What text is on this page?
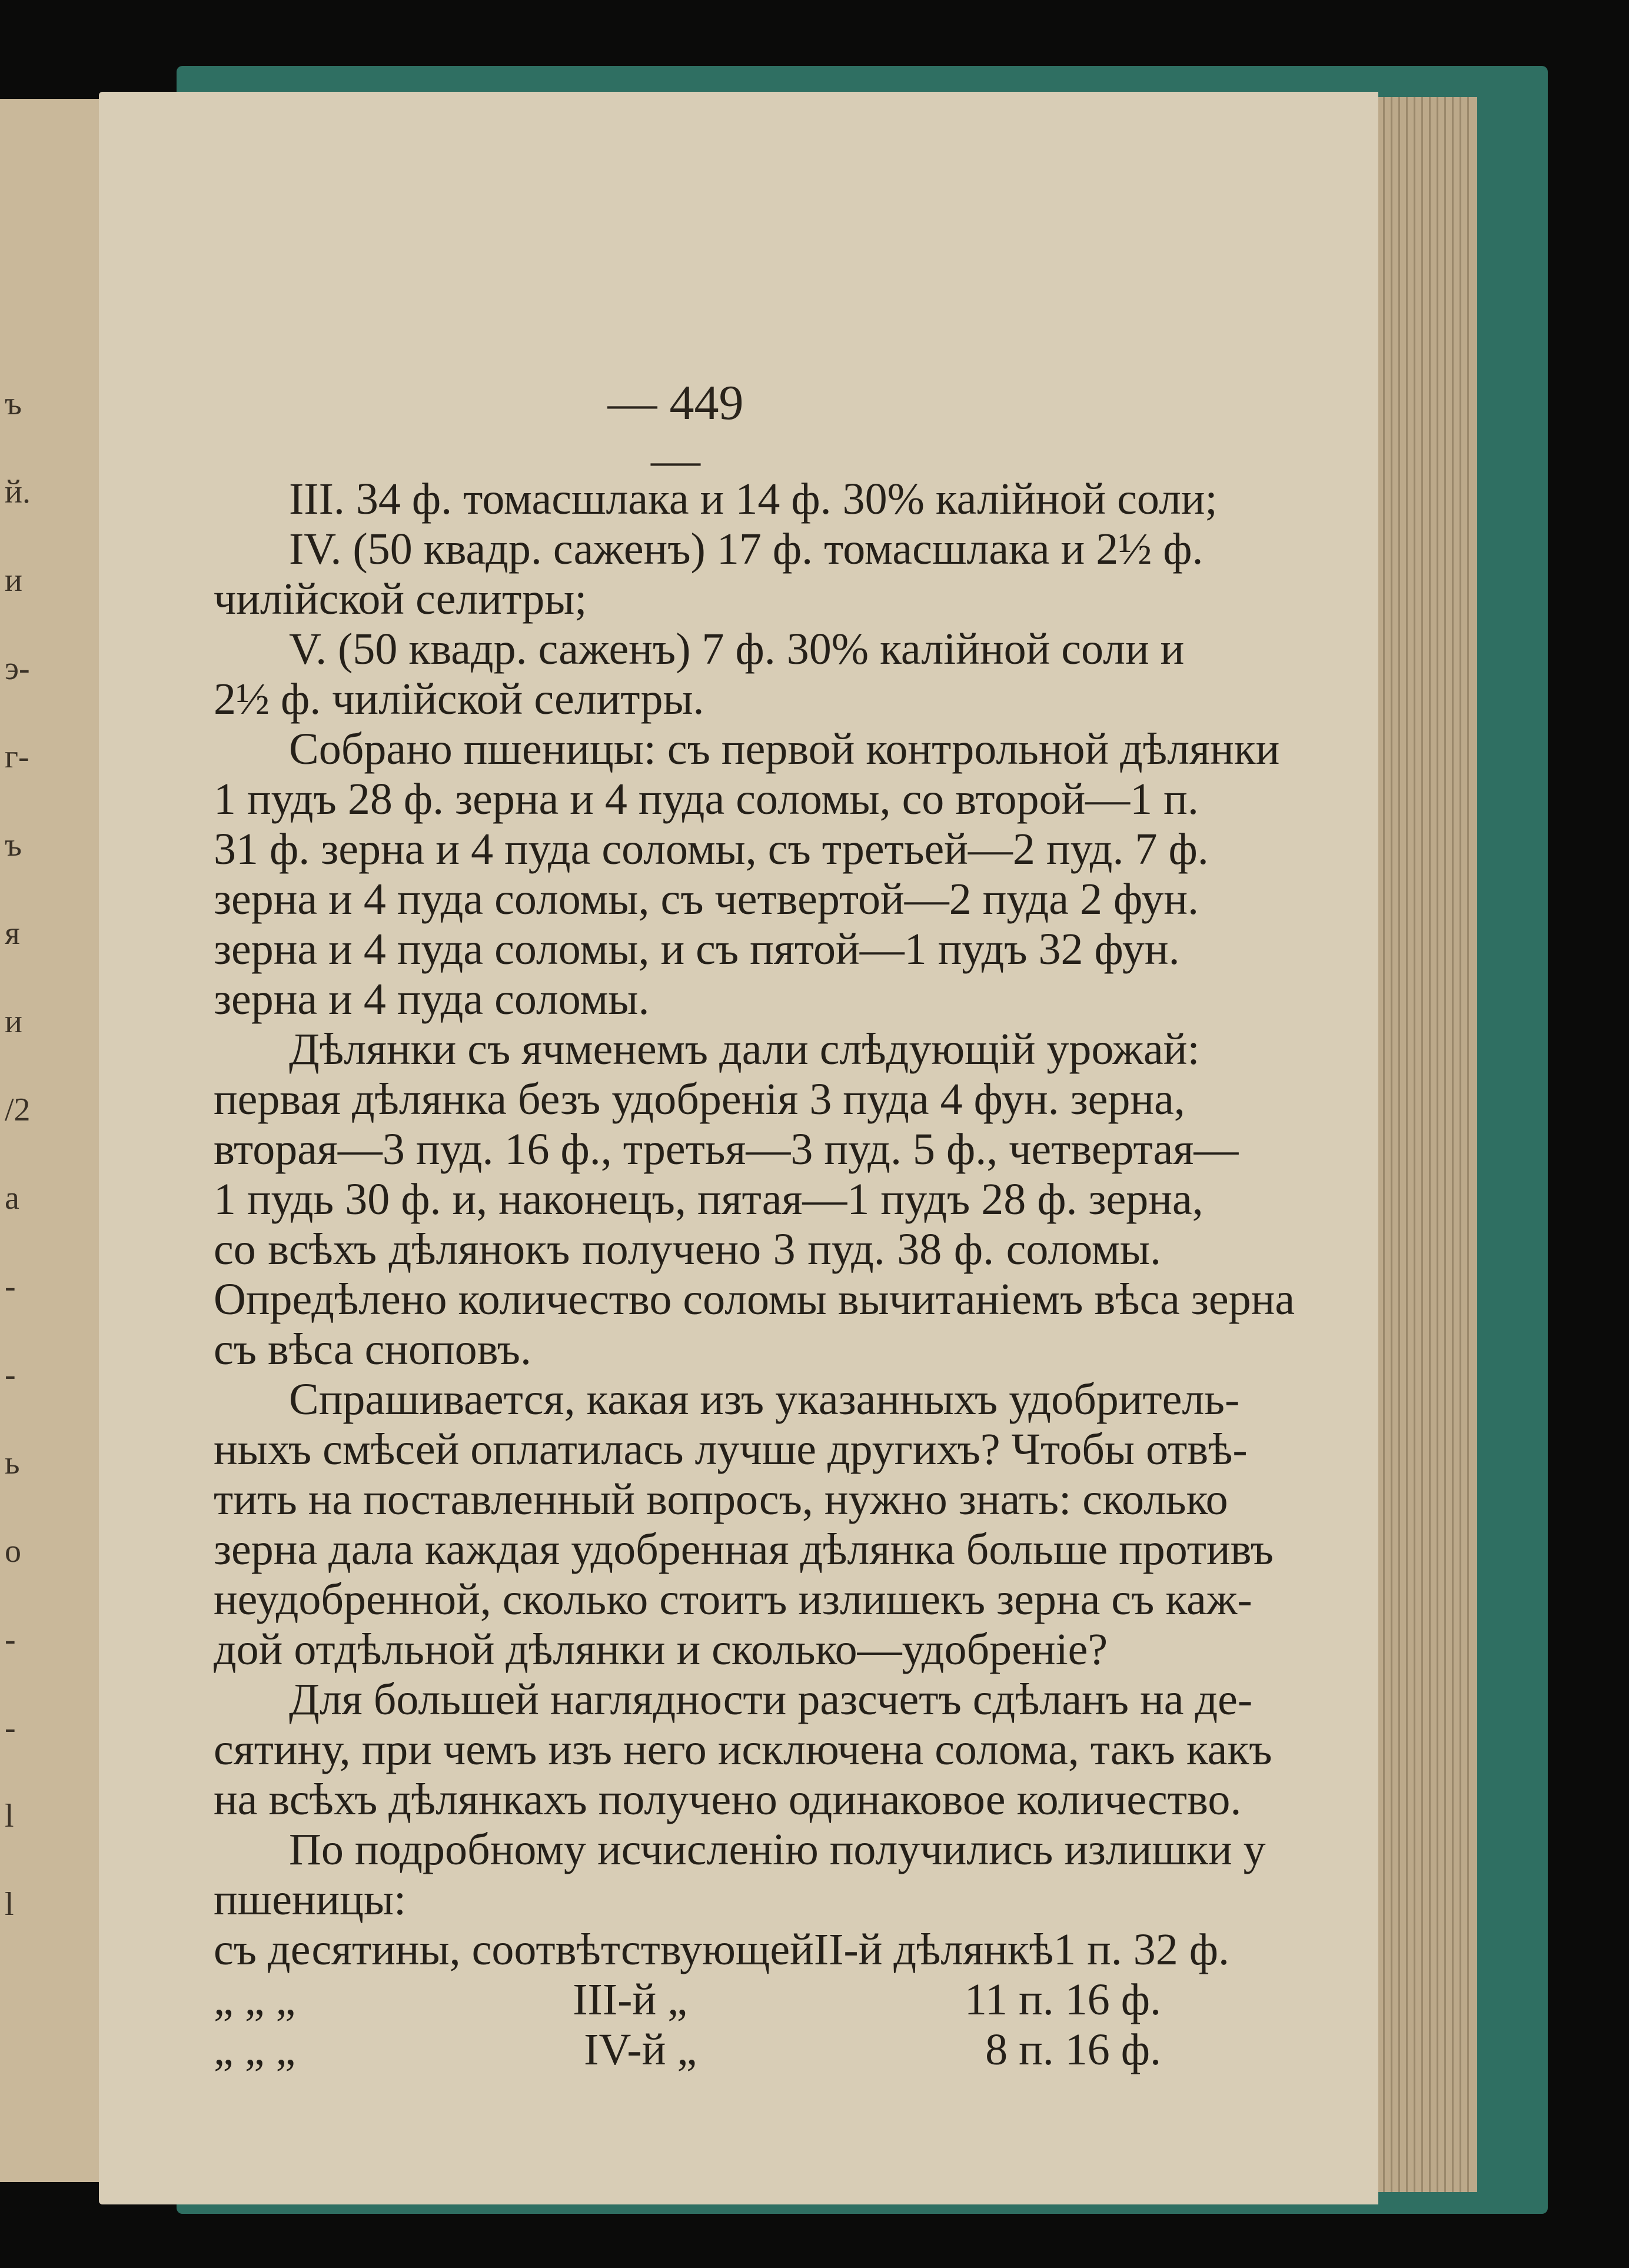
ъ
й.
и
э-
г-
ъ
я
и
/2
а
-
-
ь
о
-
-
l
l
— 449 —
III. 34 ф. томасшлака и 14 ф. 30% калійной соли;
IV. (50 квадр. саженъ) 17 ф. томасшлака и 2½ ф.
чилійской селитры;
V. (50 квадр. саженъ) 7 ф. 30% калійной соли и
2½ ф. чилійской селитры.
Собрано пшеницы: съ первой контрольной дѣлянки
1 пудъ 28 ф. зерна и 4 пуда соломы, со второй—1 п.
31 ф. зерна и 4 пуда соломы, съ третьей—2 пуд. 7 ф.
зерна и 4 пуда соломы, съ четвертой—2 пуда 2 фун.
зерна и 4 пуда соломы, и съ пятой—1 пудъ 32 фун.
зерна и 4 пуда соломы.
Дѣлянки съ ячменемъ дали слѣдующій урожай:
первая дѣлянка безъ удобренія 3 пуда 4 фун. зерна,
вторая—3 пуд. 16 ф., третья—3 пуд. 5 ф., четвертая—
1 пудь 30 ф. и, наконецъ, пятая—1 пудъ 28 ф. зерна,
со всѣхъ дѣлянокъ получено 3 пуд. 38 ф. соломы.
Опредѣлено количество соломы вычитаніемъ вѣса зерна
съ вѣса сноповъ.
Спрашивается, какая изъ указанныхъ удобритель-
ныхъ смѣсей оплатилась лучше другихъ? Чтобы отвѣ-
тить на поставленный вопросъ, нужно знать: сколько
зерна дала каждая удобренная дѣлянка больше противъ
неудобренной, сколько стоитъ излишекъ зерна съ каж-
дой отдѣльной дѣлянки и сколько—удобреніе?
Для большей наглядности разсчетъ сдѣланъ на де-
сятину, при чемъ изъ него исключена солома, такъ какъ
на всѣхъ дѣлянкахъ получено одинаковое количество.
По подробному исчисленію получились излишки у
пшеницы:
съ десятины, соотвѣтствующей II-й дѣлянкѣ 1 п. 32 ф.
„ „ „	III-й „	11 п. 16 ф.
„ „ „	IV-й „	8 п. 16 ф.
